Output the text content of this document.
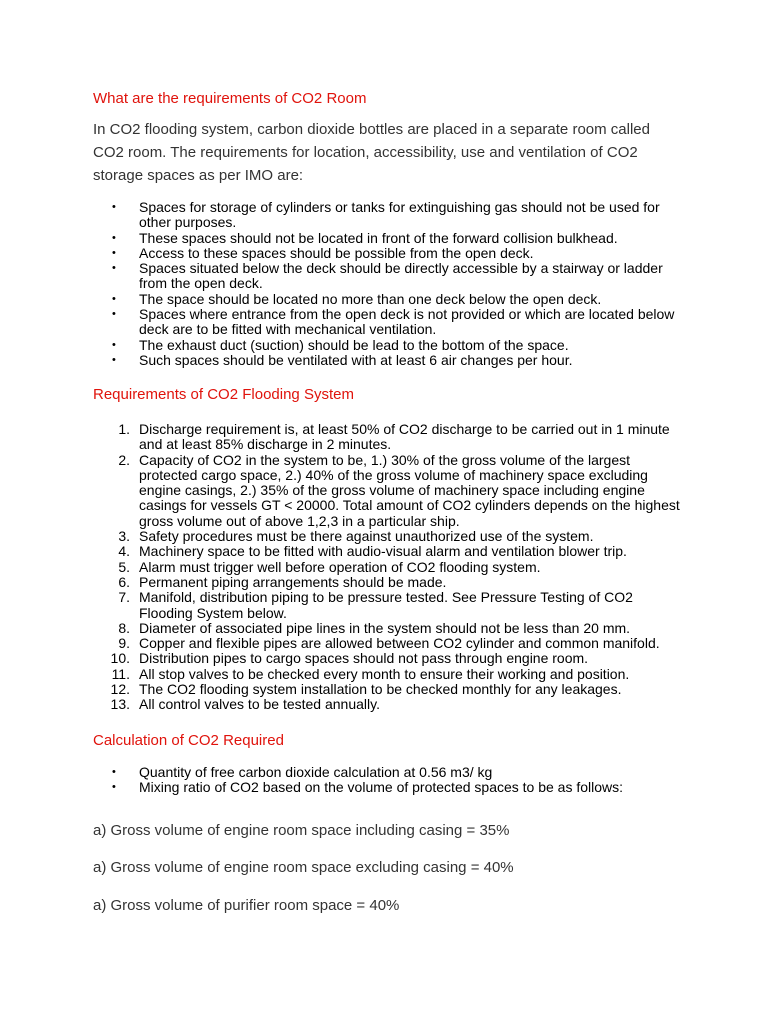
What are the requirements of CO2 Room

In CO2 flooding system, carbon dioxide bottles are placed in a separate room called CO2 room. The requirements for location, accessibility, use and ventilation of CO2 storage spaces as per IMO are:

• Spaces for storage of cylinders or tanks for extinguishing gas should not be used for other purposes.
• These spaces should not be located in front of the forward collision bulkhead.
• Access to these spaces should be possible from the open deck.
• Spaces situated below the deck should be directly accessible by a stairway or ladder from the open deck.
• The space should be located no more than one deck below the open deck.
• Spaces where entrance from the open deck is not provided or which are located below deck are to be fitted with mechanical ventilation.
• The exhaust duct (suction) should be lead to the bottom of the space.
• Such spaces should be ventilated with at least 6 air changes per hour.
Requirements of CO2 Flooding System
1. Discharge requirement is, at least 50% of CO2 discharge to be carried out in 1 minute and at least 85% discharge in 2 minutes.
2. Capacity of CO2 in the system to be, 1.) 30% of the gross volume of the largest protected cargo space, 2.) 40% of the gross volume of machinery space excluding engine casings, 2.) 35% of the gross volume of machinery space including engine casings for vessels GT < 20000. Total amount of CO2 cylinders depends on the highest gross volume out of above 1,2,3 in a particular ship.
3. Safety procedures must be there against unauthorized use of the system.
4. Machinery space to be fitted with audio-visual alarm and ventilation blower trip.
5. Alarm must trigger well before operation of CO2 flooding system.
6. Permanent piping arrangements should be made.
7. Manifold, distribution piping to be pressure tested. See Pressure Testing of CO2 Flooding System below.
8. Diameter of associated pipe lines in the system should not be less than 20 mm.
9. Copper and flexible pipes are allowed between CO2 cylinder and common manifold.
10. Distribution pipes to cargo spaces should not pass through engine room.
11. All stop valves to be checked every month to ensure their working and position.
12. The CO2 flooding system installation to be checked monthly for any leakages.
13. All control valves to be tested annually.
Calculation of CO2 Required
• Quantity of free carbon dioxide calculation at 0.56 m3/ kg
• Mixing ratio of CO2 based on the volume of protected spaces to be as follows:

a) Gross volume of engine room space including casing = 35%

a) Gross volume of engine room space excluding casing = 40%

a) Gross volume of purifier room space = 40%
